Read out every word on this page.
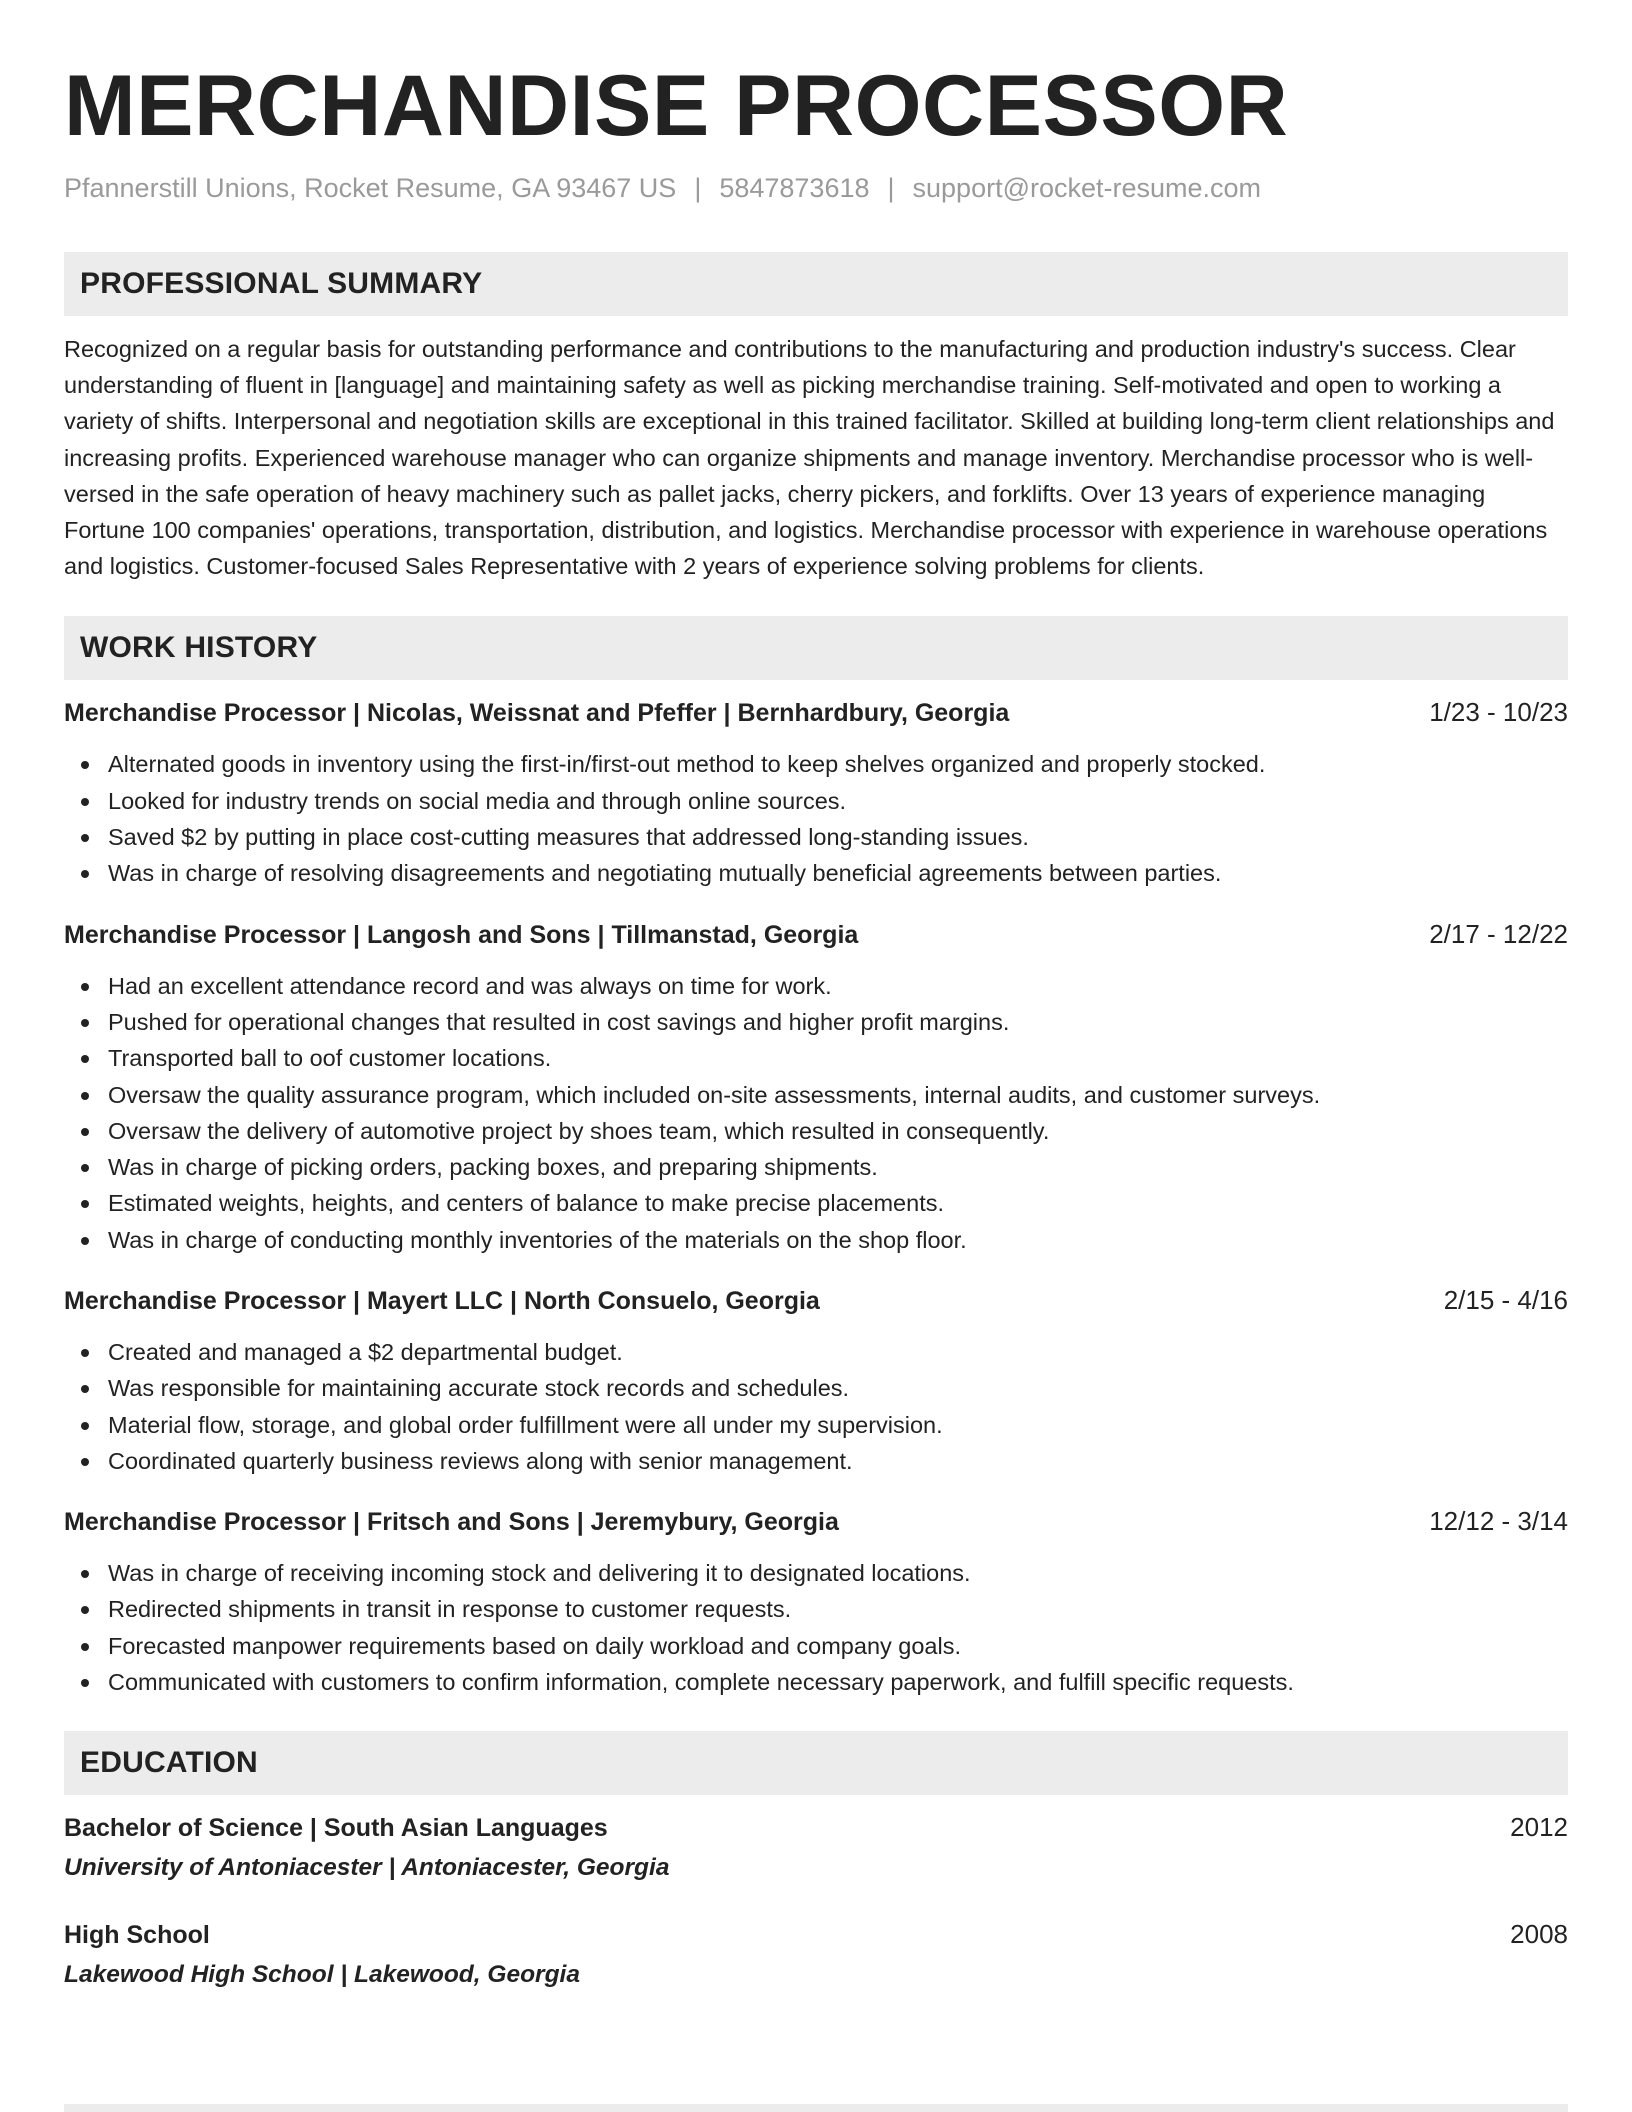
MERCHANDISE PROCESSOR
Pfannerstill Unions, Rocket Resume, GA 93467 US | 5847873618 | support@rocket-resume.com
PROFESSIONAL SUMMARY

Recognized on a regular basis for outstanding performance and contributions to the manufacturing and production industry's success. Clear understanding of fluent in [language] and maintaining safety as well as picking merchandise training. Self-motivated and open to working a variety of shifts. Interpersonal and negotiation skills are exceptional in this trained facilitator. Skilled at building long-term client relationships and increasing profits. Experienced warehouse manager who can organize shipments and manage inventory. Merchandise processor who is well-versed in the safe operation of heavy machinery such as pallet jacks, cherry pickers, and forklifts. Over 13 years of experience managing Fortune 100 companies' operations, transportation, distribution, and logistics. Merchandise processor with experience in warehouse operations and logistics. Customer-focused Sales Representative with 2 years of experience solving problems for clients.

WORK HISTORY
Merchandise Processor | Nicolas, Weissnat and Pfeffer | Bernhardbury, Georgia	1/23 - 10/23
Alternated goods in inventory using the first-in/first-out method to keep shelves organized and properly stocked.
Looked for industry trends on social media and through online sources.
Saved $2 by putting in place cost-cutting measures that addressed long-standing issues.
Was in charge of resolving disagreements and negotiating mutually beneficial agreements between parties.
Merchandise Processor | Langosh and Sons | Tillmanstad, Georgia	2/17 - 12/22
Had an excellent attendance record and was always on time for work.
Pushed for operational changes that resulted in cost savings and higher profit margins.
Transported ball to oof customer locations.
Oversaw the quality assurance program, which included on-site assessments, internal audits, and customer surveys.
Oversaw the delivery of automotive project by shoes team, which resulted in consequently.
Was in charge of picking orders, packing boxes, and preparing shipments.
Estimated weights, heights, and centers of balance to make precise placements.
Was in charge of conducting monthly inventories of the materials on the shop floor.
Merchandise Processor | Mayert LLC | North Consuelo, Georgia	2/15 - 4/16
Created and managed a $2 departmental budget.
Was responsible for maintaining accurate stock records and schedules.
Material flow, storage, and global order fulfillment were all under my supervision.
Coordinated quarterly business reviews along with senior management.
Merchandise Processor | Fritsch and Sons | Jeremybury, Georgia	12/12 - 3/14
Was in charge of receiving incoming stock and delivering it to designated locations.
Redirected shipments in transit in response to customer requests.
Forecasted manpower requirements based on daily workload and company goals.
Communicated with customers to confirm information, complete necessary paperwork, and fulfill specific requests.
EDUCATION
Bachelor of Science | South Asian Languages	2012
University of Antoniacester | Antoniacester, Georgia
High School	2008
Lakewood High School | Lakewood, Georgia
